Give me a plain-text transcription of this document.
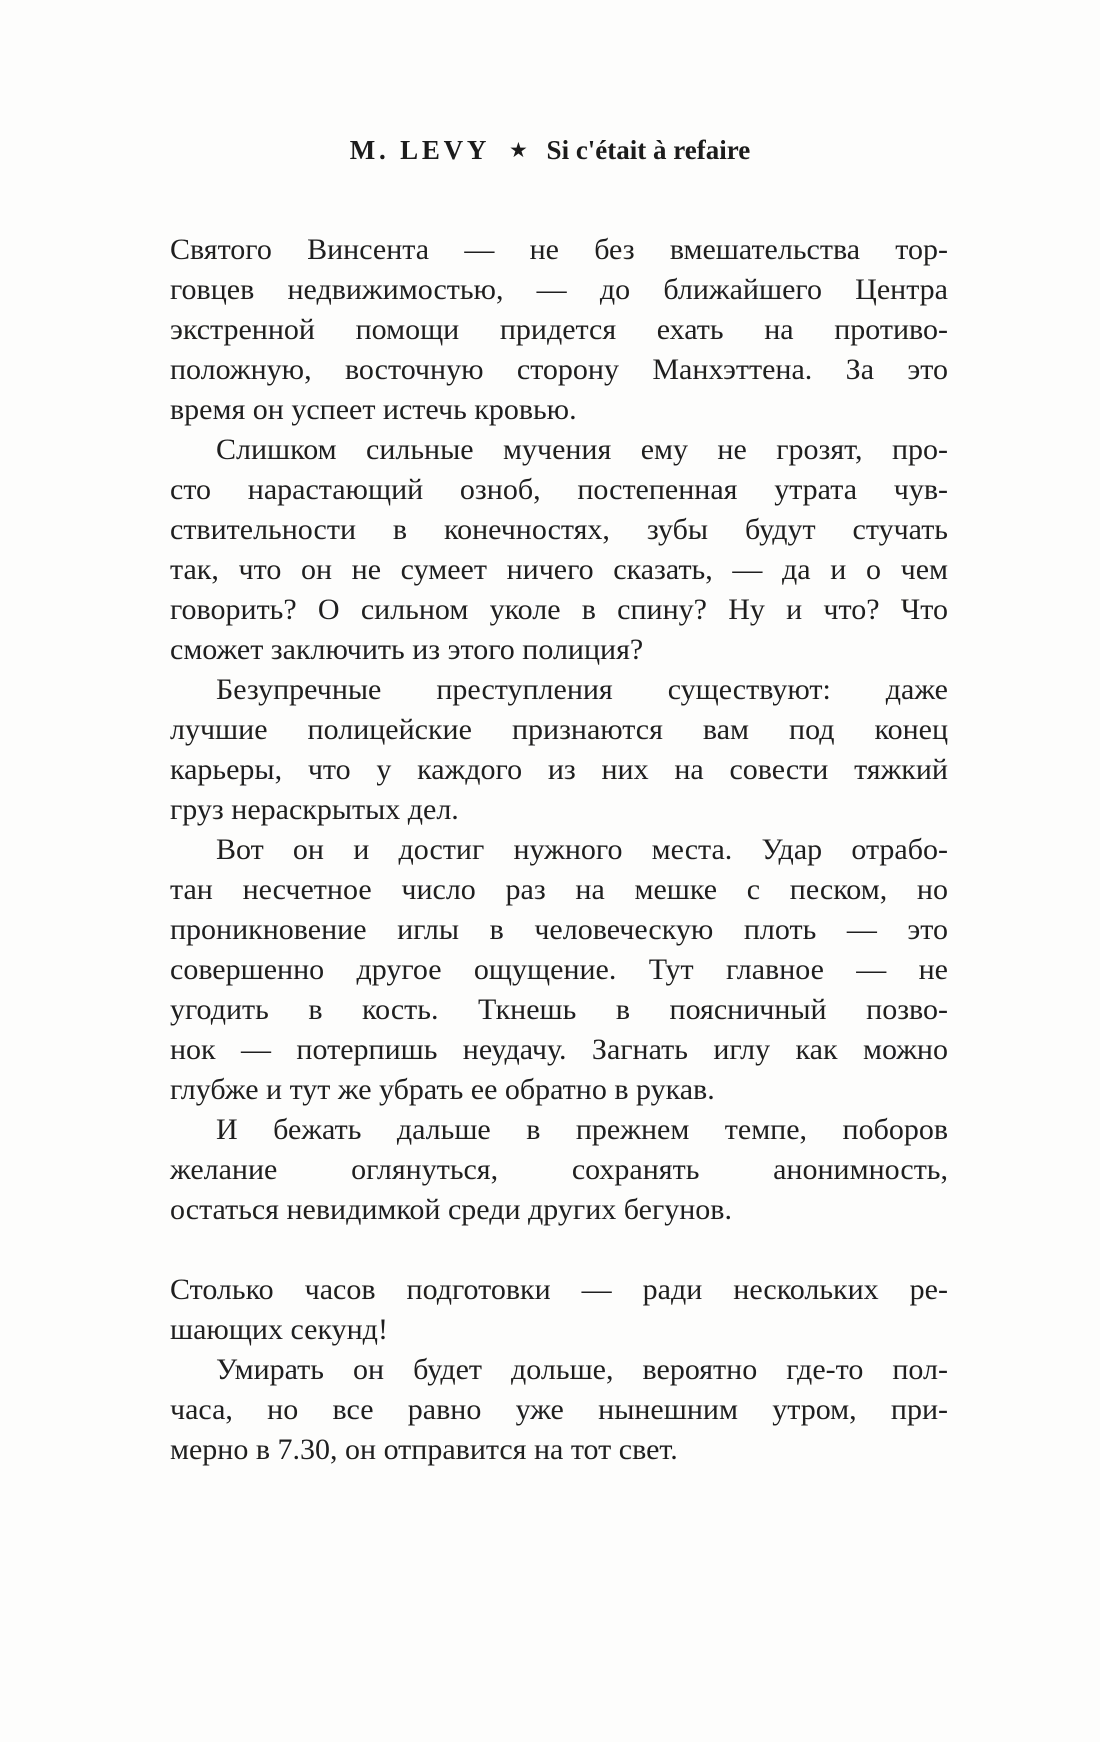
M. LEVY ★ Si c'était à refaire
Святого Винсента — не без вмешательства тор-
говцев недвижимостью, — до ближайшего Центра
экстренной помощи придется ехать на противо-
положную, восточную сторону Манхэттена. За это
время он успеет истечь кровью.
Слишком сильные мучения ему не грозят, про-
сто нарастающий озноб, постепенная утрата чув-
ствительности в конечностях, зубы будут стучать
так, что он не сумеет ничего сказать, — да и о чем
говорить? О сильном уколе в спину? Ну и что? Что
сможет заключить из этого полиция?
Безупречные преступления существуют: даже
лучшие полицейские признаются вам под конец
карьеры, что у каждого из них на совести тяжкий
груз нераскрытых дел.
Вот он и достиг нужного места. Удар отрабо-
тан несчетное число раз на мешке с песком, но
проникновение иглы в человеческую плоть — это
совершенно другое ощущение. Тут главное — не
угодить в кость. Ткнешь в поясничный позво-
нок — потерпишь неудачу. Загнать иглу как можно
глубже и тут же убрать ее обратно в рукав.
И бежать дальше в прежнем темпе, поборов
желание оглянуться, сохранять анонимность,
остаться невидимкой среди других бегунов.
Столько часов подготовки — ради нескольких ре-
шающих секунд!
Умирать он будет дольше, вероятно где-то пол-
часа, но все равно уже нынешним утром, при-
мерно в 7.30, он отправится на тот свет.
